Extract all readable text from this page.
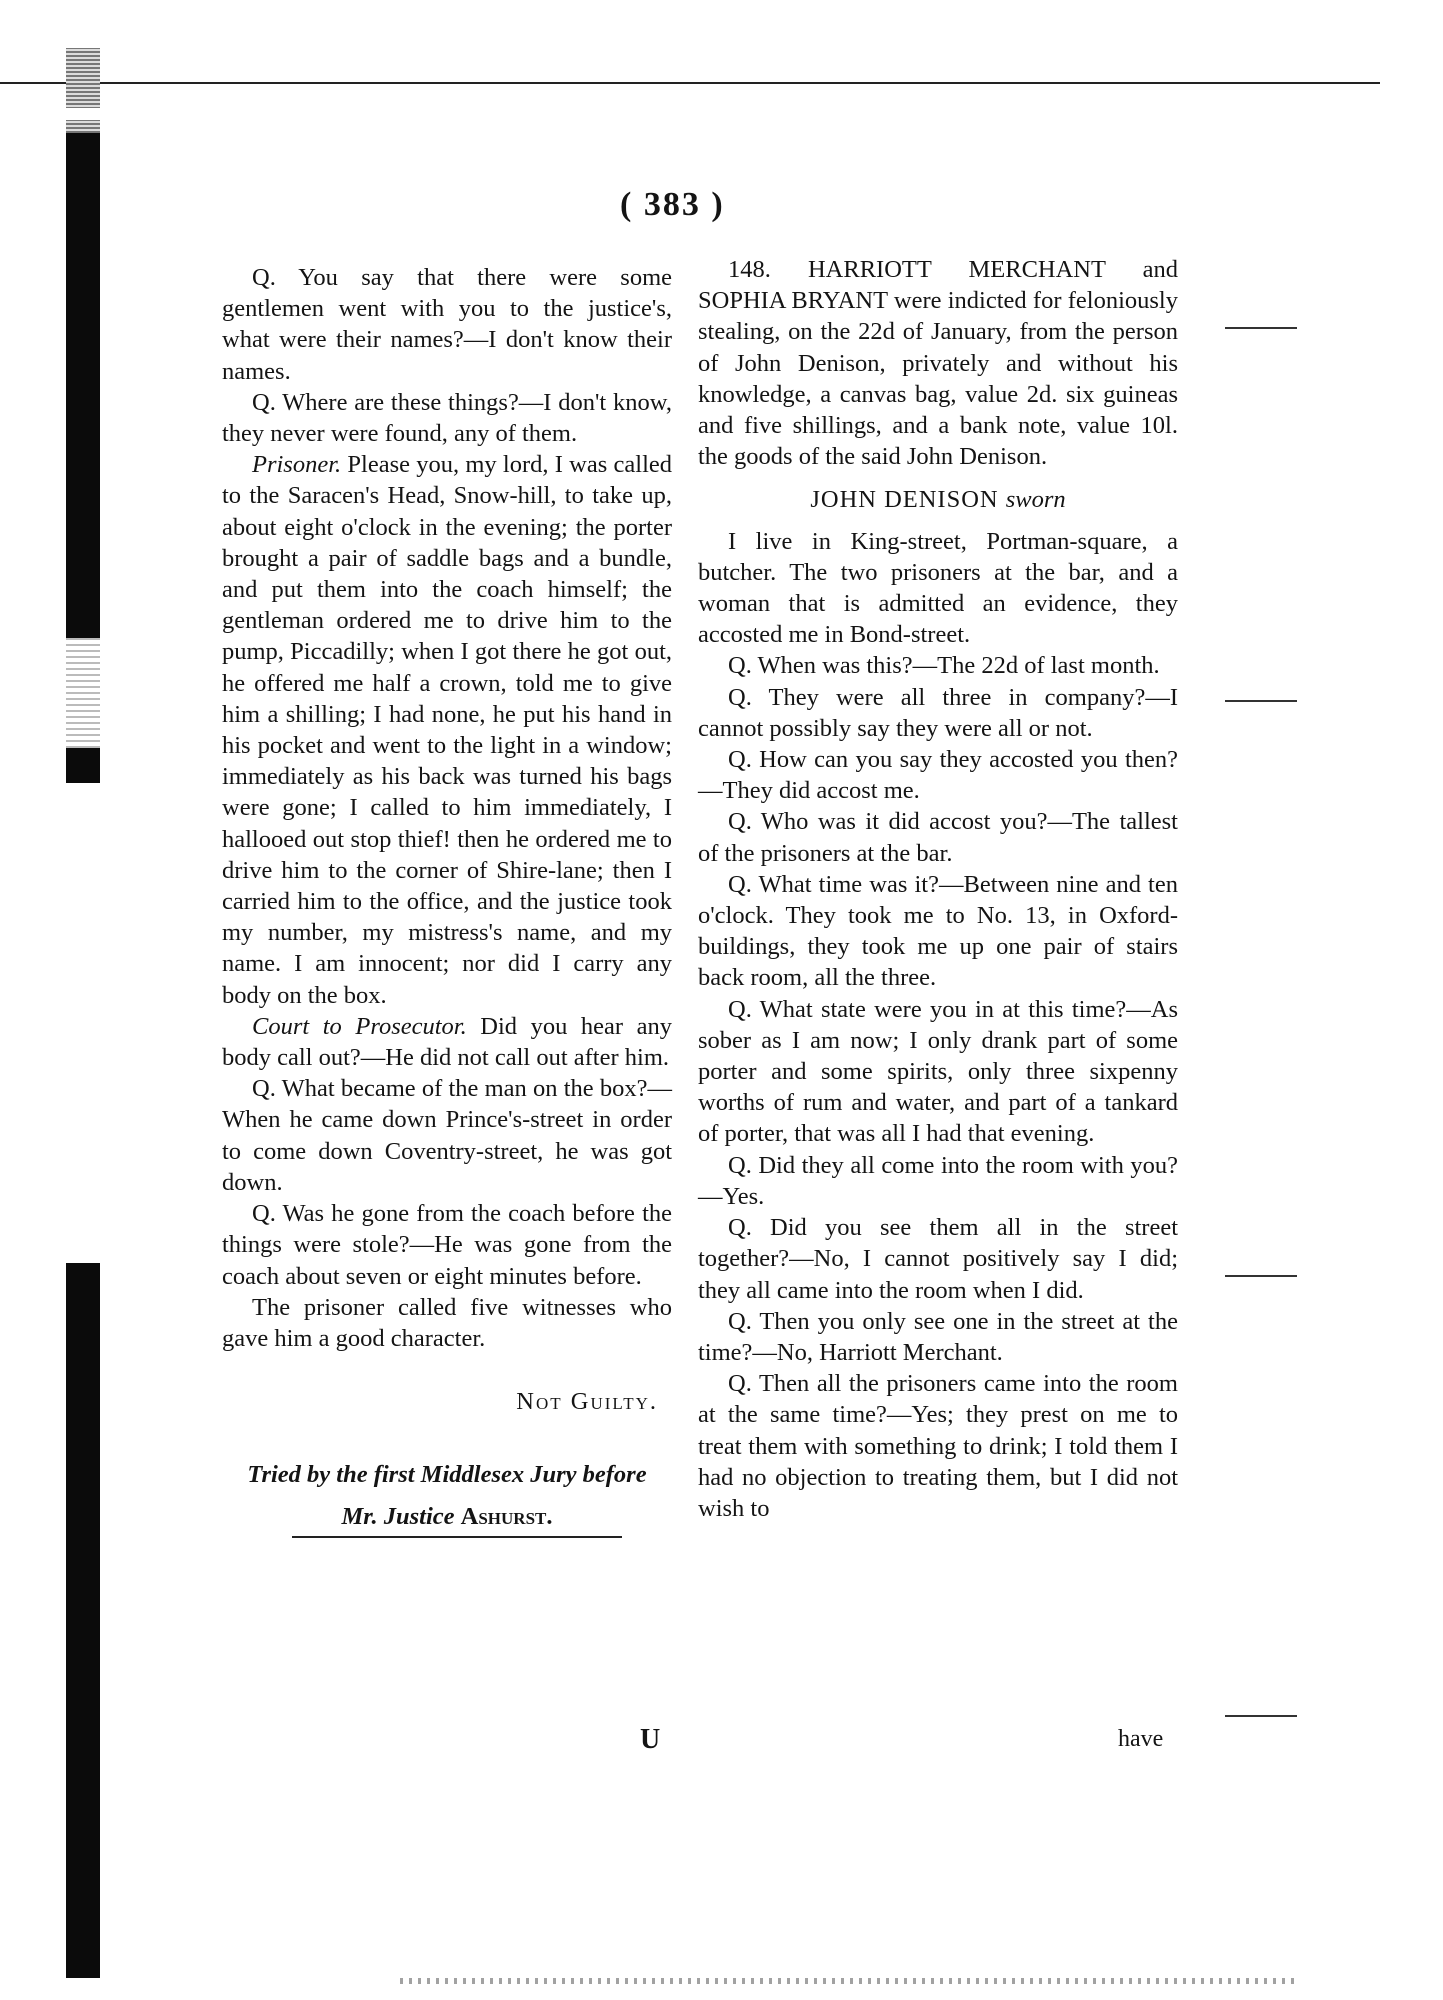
( 383 )

Q. You say that there were some gentlemen went with you to the justice's, what were their names?—I don't know their names.

Q. Where are these things?—I don't know, they never were found, any of them.

Prisoner. Please you, my lord, I was called to the Saracen's Head, Snow-hill, to take up, about eight o'clock in the evening; the porter brought a pair of saddle bags and a bundle, and put them into the coach himself; the gentleman ordered me to drive him to the pump, Piccadilly; when I got there he got out, he offered me half a crown, told me to give him a shilling; I had none, he put his hand in his pocket and went to the light in a window; immediately as his back was turned his bags were gone; I called to him immediately, I hallooed out stop thief! then he ordered me to drive him to the corner of Shire-lane; then I carried him to the office, and the justice took my number, my mistress's name, and my name. I am innocent; nor did I carry any body on the box.

Court to Prosecutor. Did you hear any body call out?—He did not call out after him.

Q. What became of the man on the box?—When he came down Prince's-street in order to come down Coventry-street, he was got down.

Q. Was he gone from the coach before the things were stole?—He was gone from the coach about seven or eight minutes before.

The prisoner called five witnesses who gave him a good character.

Not Guilty.

Tried by the first Middlesex Jury before

Mr. Justice Ashurst.

148. HARRIOTT MERCHANT and SOPHIA BRYANT were indicted for feloniously stealing, on the 22d of January, from the person of John Denison, privately and without his knowledge, a canvas bag, value 2d. six guineas and five shillings, and a bank note, value 10l. the goods of the said John Denison.

JOHN DENISON sworn

I live in King-street, Portman-square, a butcher. The two prisoners at the bar, and a woman that is admitted an evidence, they accosted me in Bond-street.

Q. When was this?—The 22d of last month.

Q. They were all three in company?—I cannot possibly say they were all or not.

Q. How can you say they accosted you then?—They did accost me.

Q. Who was it did accost you?—The tallest of the prisoners at the bar.

Q. What time was it?—Between nine and ten o'clock. They took me to No. 13, in Oxford-buildings, they took me up one pair of stairs back room, all the three.

Q. What state were you in at this time?—As sober as I am now; I only drank part of some porter and some spirits, only three sixpenny worths of rum and water, and part of a tankard of porter, that was all I had that evening.

Q. Did they all come into the room with you?—Yes.

Q. Did you see them all in the street together?—No, I cannot positively say I did; they all came into the room when I did.

Q. Then you only see one in the street at the time?—No, Harriott Merchant.

Q. Then all the prisoners came into the room at the same time?—Yes; they prest on me to treat them with something to drink; I told them I had no objection to treating them, but I did not wish to

U	have
